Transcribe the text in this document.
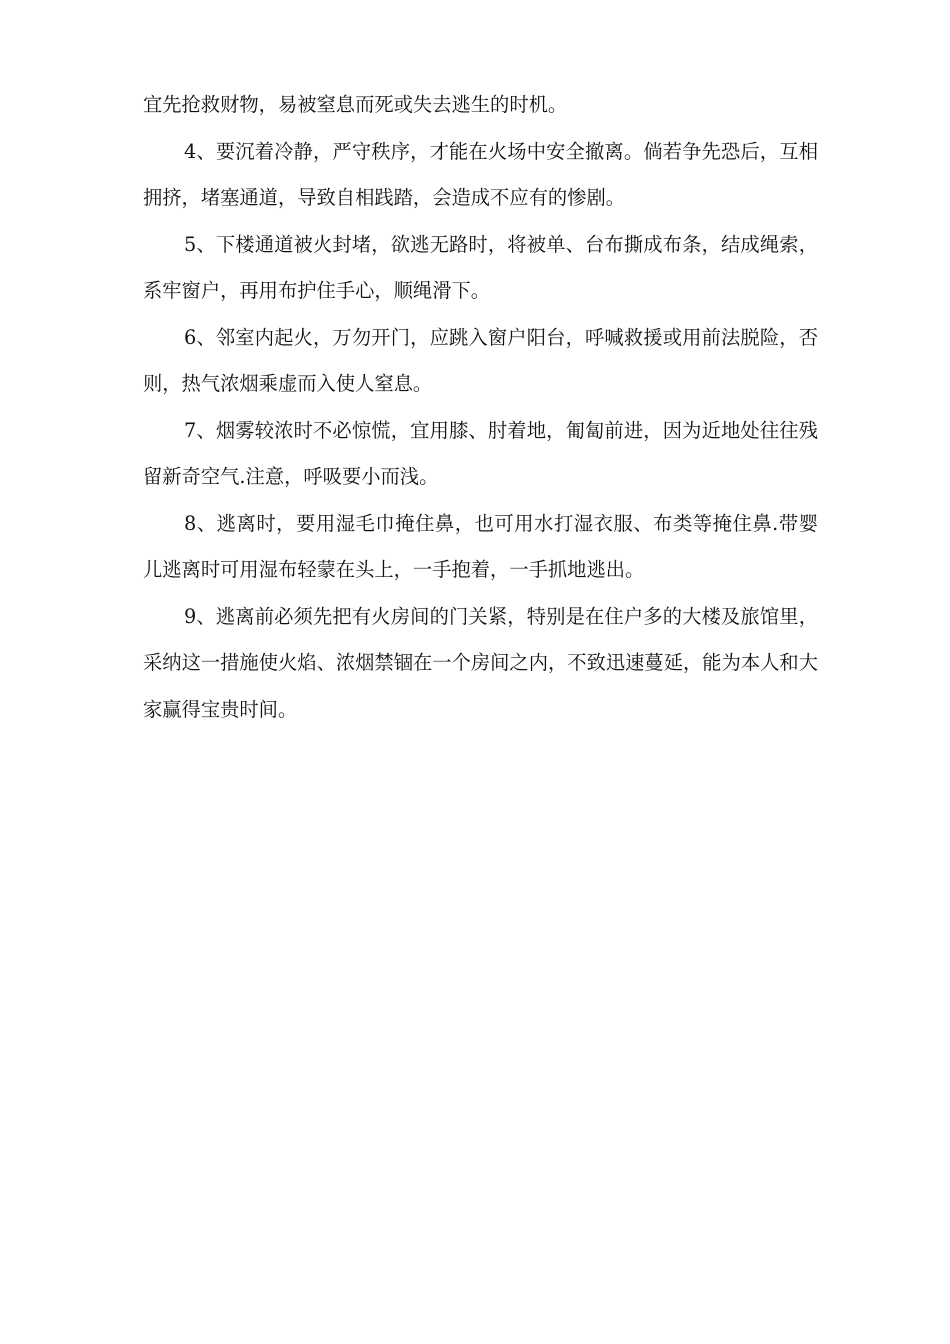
宜先抢救财物，易被窒息而死或失去逃生的时机。

4、要沉着冷静，严守秩序，才能在火场中安全撤离。倘若争先恐后，互相拥挤，堵塞通道，导致自相践踏，会造成不应有的惨剧。

5、下楼通道被火封堵，欲逃无路时，将被单、台布撕成布条，结成绳索，系牢窗户，再用布护住手心，顺绳滑下。

6、邻室内起火，万勿开门，应跳入窗户阳台，呼喊救援或用前法脱险，否则，热气浓烟乘虚而入使人窒息。

7、烟雾较浓时不必惊慌，宜用膝、肘着地，匍匐前进，因为近地处往往残留新奇空气.注意，呼吸要小而浅。

8、逃离时，要用湿毛巾掩住鼻，也可用水打湿衣服、布类等掩住鼻.带婴儿逃离时可用湿布轻蒙在头上，一手抱着，一手抓地逃出。

9、逃离前必须先把有火房间的门关紧，特别是在住户多的大楼及旅馆里，采纳这一措施使火焰、浓烟禁锢在一个房间之内，不致迅速蔓延，能为本人和大家赢得宝贵时间。
